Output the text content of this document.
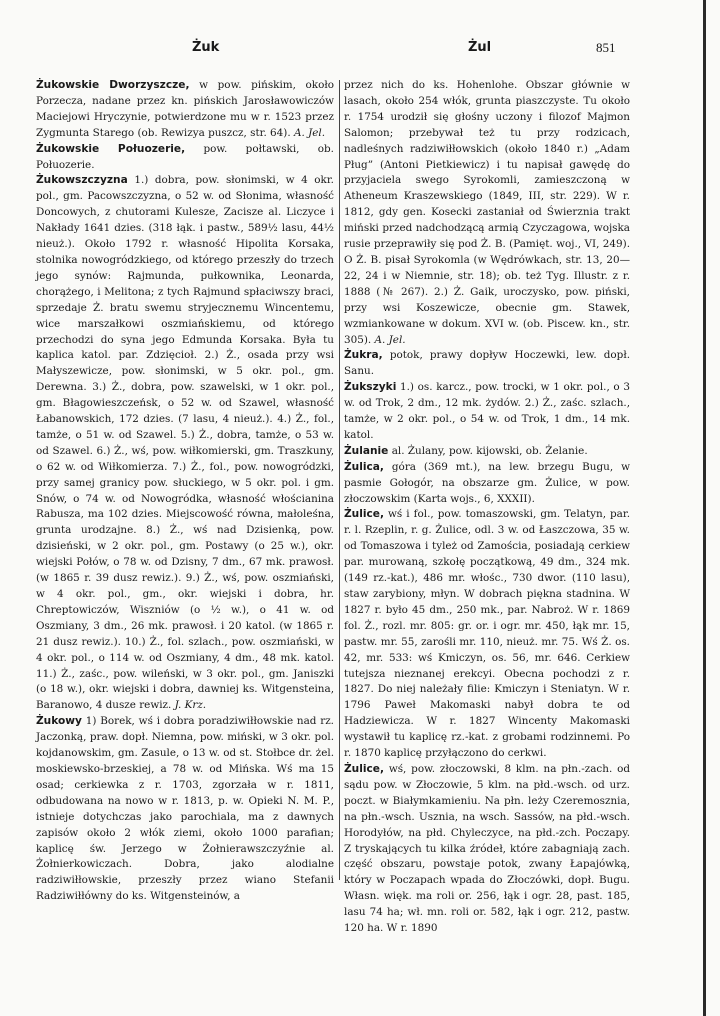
Żuk	Żul	851

Żukowskie Dworzyszcze, w pow. pińskim, około Porzecza, nadane przez kn. pińskich Jarosławowiczów Maciejowi Hryczynie, potwierdzone mu w r. 1523 przez Zygmunta Starego (ob. Rewizya puszcz, str. 64). A. Jel.

Żukowskie Połuozerie, pow. połtawski, ob. Połuozerie.

Żukowszczyzna 1.) dobra, pow. słonimski, w 4 okr. pol., gm. Pacowszczyzna, o 52 w. od Słonima, własność Doncowych, z chutorami Kulesze, Zacisze al. Liczyce i Nakłady 1641 dzies. (318 łąk. i pastw., 589½ lasu, 44½ nieuż.). Około 1792 r. własność Hipolita Korsaka, stolnika nowogródzkiego, od którego przeszły do trzech jego synów: Rajmunda, pułkownika, Leonarda, chorążego, i Melitona; z tych Rajmund spłaciwszy braci, sprzedaje Ż. bratu swemu stryjecznemu Wincentemu, wice marszałkowi oszmiańskiemu, od którego przechodzi do syna jego Edmunda Korsaka. Była tu kaplica katol. par. Zdzięcioł. 2.) Ż., osada przy wsi Małyszewicze, pow. słonimski, w 5 okr. pol., gm. Derewna. 3.) Ż., dobra, pow. szawelski, w 1 okr. pol., gm. Błagowieszczeńsk, o 52 w. od Szawel, własność Łabanowskich, 172 dzies. (7 lasu, 4 nieuż.). 4.) Ż., fol., tamże, o 51 w. od Szawel. 5.) Ż., dobra, tamże, o 53 w. od Szawel. 6.) Ż., wś, pow. wiłkomierski, gm. Traszkuny, o 62 w. od Wiłkomierza. 7.) Ż., fol., pow. nowogródzki, przy samej granicy pow. słuckiego, w 5 okr. pol. i gm. Snów, o 74 w. od Nowogródka, własność włościanina Rabusza, ma 102 dzies. Miejscowość równa, małoleśna, grunta urodzajne. 8.) Ż., wś nad Dzisienką, pow. dzisieński, w 2 okr. pol., gm. Postawy (o 25 w.), okr. wiejski Połów, o 78 w. od Dzisny, 7 dm., 67 mk. prawosł. (w 1865 r. 39 dusz rewiz.). 9.) Ż., wś, pow. oszmiański, w 4 okr. pol., gm., okr. wiejski i dobra, hr. Chreptowiczów, Wiszniów (o ½ w.), o 41 w. od Oszmiany, 3 dm., 26 mk. prawosł. i 20 katol. (w 1865 r. 21 dusz rewiz.). 10.) Ż., fol. szlach., pow. oszmiański, w 4 okr. pol., o 114 w. od Oszmiany, 4 dm., 48 mk. katol. 11.) Ż., zaśc., pow. wileński, w 3 okr. pol., gm. Janiszki (o 18 w.), okr. wiejski i dobra, dawniej ks. Witgensteina, Baranowo, 4 dusze rewiz. J. Krz.

Żukowy 1) Borek, wś i dobra poradziwiłłowskie nad rz. Jaczonką, praw. dopł. Niemna, pow. miński, w 3 okr. pol. kojdanowskim, gm. Zasule, o 13 w. od st. Stołbce dr. żel. moskiewsko-brzeskiej, a 78 w. od Mińska. Wś ma 15 osad; cerkiewka z r. 1703, zgorzała w r. 1811, odbudowana na nowo w r. 1813, p. w. Opieki N. M. P., istnieje dotychczas jako parochiala, ma z dawnych zapisów około 2 włók ziemi, około 1000 parafian; kaplicę św. Jerzego w Żołnierawszczyźnie al. Żołnierkowiczach. Dobra, jako alodialne radziwiłłowskie, przeszły przez wiano Stefanii Radziwiłłówny do ks. Witgensteinów, a

przez nich do ks. Hohenlohe. Obszar głównie w lasach, około 254 włók, grunta piaszczyste. Tu około r. 1754 urodził się głośny uczony i filozof Majmon Salomon; przebywał też tu przy rodzicach, nadleśnych radziwiłłowskich (około 1840 r.) „Adam Pług” (Antoni Pietkiewicz) i tu napisał gawędę do przyjaciela swego Syrokomli, zamieszczoną w Atheneum Kraszewskiego (1849, III, str. 229). W r. 1812, gdy gen. Kosecki zastaniał od Świerznia trakt miński przed nadchodzącą armią Czyczagowa, wojska rusie przeprawiły się pod Ż. B. (Pamięt. woj., VI, 249). O Ż. B. pisał Syrokomla (w Wędrówkach, str. 13, 20—22, 24 i w Niemnie, str. 18); ob. też Tyg. Illustr. z r. 1888 (№ 267). 2.) Ż. Gaik, uroczysko, pow. piński, przy wsi Koszewicze, obecnie gm. Stawek, wzmiankowane w dokum. XVI w. (ob. Piscew. kn., str. 305). A. Jel.

Żukra, potok, prawy dopływ Hoczewki, lew. dopł. Sanu.

Żukszyki 1.) os. karcz., pow. trocki, w 1 okr. pol., o 3 w. od Trok, 2 dm., 12 mk. żydów. 2.) Ż., zaśc. szlach., tamże, w 2 okr. pol., o 54 w. od Trok, 1 dm., 14 mk. katol.

Żulanie al. Żulany, pow. kijowski, ob. Żelanie.

Żulica, góra (369 mt.), na lew. brzegu Bugu, w pasmie Gołogór, na obszarze gm. Żulice, w pow. złoczowskim (Karta wojs., 6, XXXII).

Żulice, wś i fol., pow. tomaszowski, gm. Telatyn, par. r. l. Rzeplin, r. g. Żulice, odl. 3 w. od Łaszczowa, 35 w. od Tomaszowa i tyleż od Zamościa, posiadają cerkiew par. murowaną, szkołę początkową, 49 dm., 324 mk. (149 rz.-kat.), 486 mr. włośc., 730 dwor. (110 lasu), staw zarybiony, młyn. W dobrach piękna stadnina. W 1827 r. było 45 dm., 250 mk., par. Nabroż. W r. 1869 fol. Ż., rozl. mr. 805: gr. or. i ogr. mr. 450, łąk mr. 15, pastw. mr. 55, zarośli mr. 110, nieuż. mr. 75. Wś Ż. os. 42, mr. 533: wś Kmiczyn, os. 56, mr. 646. Cerkiew tutejsza nieznanej erekcyi. Obecna pochodzi z r. 1827. Do niej należały filie: Kmiczyn i Steniatyn. W r. 1796 Paweł Makomaski nabył dobra te od Hadziewicza. W r. 1827 Wincenty Makomaski wystawił tu kaplicę rz.-kat. z grobami rodzinnemi. Po r. 1870 kaplicę przyłączono do cerkwi.

Żulice, wś, pow. złoczowski, 8 klm. na płn.-zach. od sądu pow. w Złoczowie, 5 klm. na płd.-wsch. od urz. poczt. w Białymkamieniu. Na płn. leży Czeremosznia, na płn.-wsch. Usznia, na wsch. Sassów, na płd.-wsch. Horodyłów, na płd. Chyleczyce, na płd.-zch. Poczapy. Z tryskających tu kilka źródeł, które zabagniają zach. część obszaru, powstaje potok, zwany Łapajówką, który w Poczapach wpada do Złoczówki, dopł. Bugu. Własn. więk. ma roli or. 256, łąk i ogr. 28, past. 185, lasu 74 ha; wł. mn. roli or. 582, łąk i ogr. 212, pastw. 120 ha. W r. 1890
